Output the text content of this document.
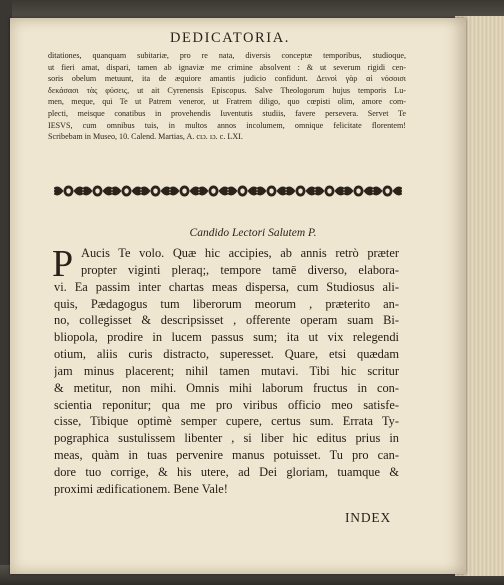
DEDICATORIA.
ditationes, quanquam subitariæ, pro re nata, diversis conceptæ temporibus, studioque,
ut fieri amat, dispari, tamen ab ignaviæ me crimine absolvent : & ut severum rigidi cen-
soris obelum metuunt, ita de æquiore amantis judicio confidunt. Δεινοὶ γὰρ αἰ νόσοισι
δεκάσασι τὰς φύσεις, ut ait Cyrenensis Episcopus. Salve Theologorum hujus temporis Lu-
men, meque, qui Te ut Patrem veneror, ut Fratrem diligo, quo cœpisti olim, amore com-
plecti, meisque conatibus in provehendis Iuventutis studiis, favere persevera. Servet Te
IESVS, cum omnibus tuis, in multos annos incolumem, omnique felicitate florentem!
Scribebam in Museo, 10. Calend. Martias, A. cıɔ. ıɔ. c. LXI.
Candido Lectori Salutem P.
P Aucis Te volo. Quæ hic accipies, ab annis retrò præter
propter viginti pleraq;, tempore tamē diverso, elabora-
vi. Ea passim inter chartas meas dispersa, cum Studiosus ali-
quis, Pædagogus tum liberorum meorum , præterito an-
no, collegisset & descripsisset , offerente operam suam Bi-
bliopola, prodire in lucem passus sum; ita ut vix relegendi
otium, aliis curis distracto, superesset. Quare, etsi quædam
jam minus placerent; nihil tamen mutavi. Tibi hic scritur
& metitur, non mihi. Omnis mihi laborum fructus in con-
scientia reponitur; qua me pro viribus officio meo satisfe-
cisse, Tibique optimè semper cupere, certus sum. Errata Ty-
pographica sustulissem libenter , si liber hic editus prius in
meas, quàm in tuas pervenire manus potuisset. Tu pro can-
dore tuo corrige, & his utere, ad Dei gloriam, tuamque &
proximi ædificationem. Bene Vale!
INDEX
